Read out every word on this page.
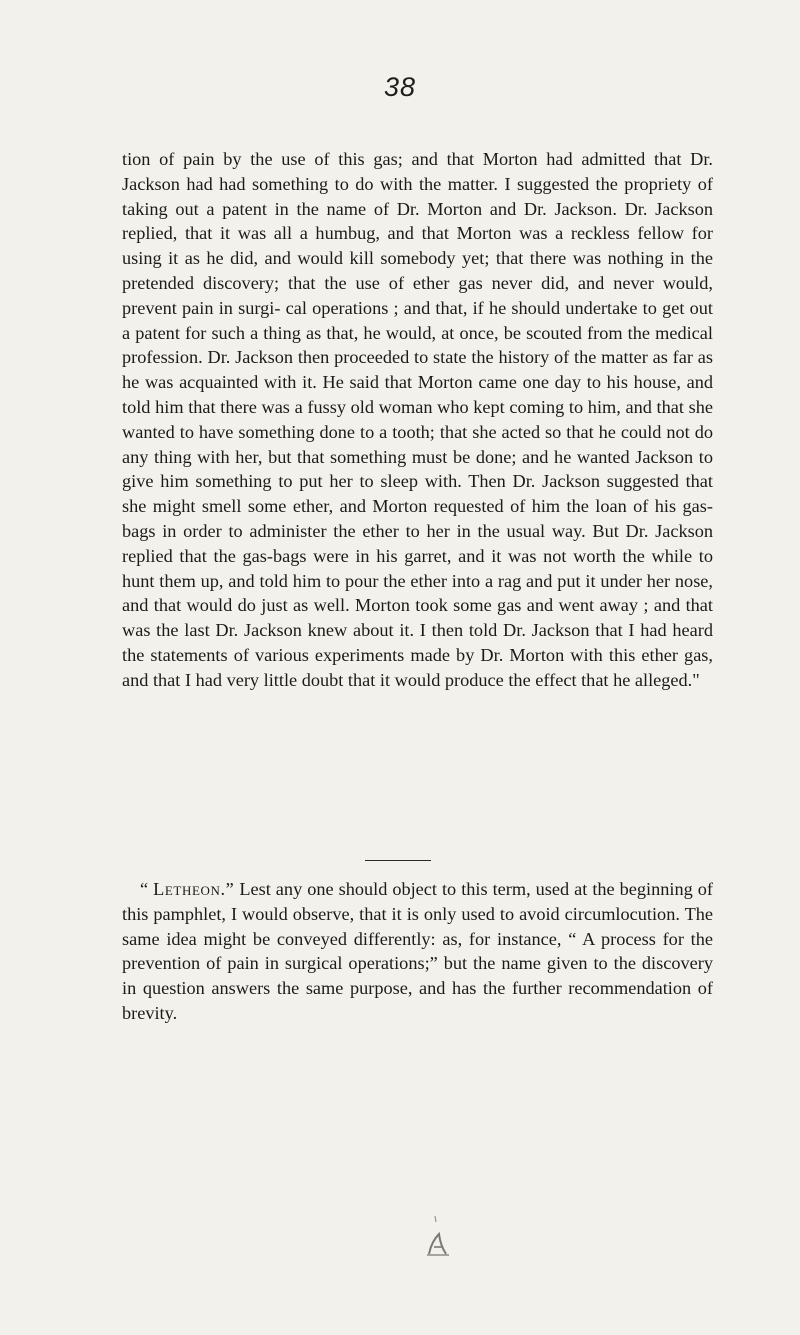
38

tion of pain by the use of this gas; and that Morton had admitted that Dr. Jackson had had something to do with the matter. I suggested the propriety of taking out a patent in the name of Dr. Morton and Dr. Jackson. Dr. Jackson replied, that it was all a humbug, and that Morton was a reckless fellow for using it as he did, and would kill somebody yet; that there was nothing in the pretended discovery; that the use of ether gas never did, and never would, prevent pain in surgi- cal operations ; and that, if he should undertake to get out a patent for such a thing as that, he would, at once, be scouted from the medical profession. Dr. Jackson then proceeded to state the history of the matter as far as he was acquainted with it. He said that Morton came one day to his house, and told him that there was a fussy old woman who kept coming to him, and that she wanted to have something done to a tooth; that she acted so that he could not do any thing with her, but that something must be done; and he wanted Jackson to give him something to put her to sleep with. Then Dr. Jackson suggested that she might smell some ether, and Morton requested of him the loan of his gas-bags in order to administer the ether to her in the usual way. But Dr. Jackson replied that the gas-bags were in his garret, and it was not worth the while to hunt them up, and told him to pour the ether into a rag and put it under her nose, and that would do just as well. Morton took some gas and went away ; and that was the last Dr. Jackson knew about it. I then told Dr. Jackson that I had heard the statements of various experiments made by Dr. Morton with this ether gas, and that I had very little doubt that it would produce the effect that he alleged."

“ Letheon.” Lest any one should object to this term, used at the beginning of this pamphlet, I would observe, that it is only used to avoid circumlocution. The same idea might be conveyed differently: as, for instance, “ A process for the prevention of pain in surgical operations;” but the name given to the discovery in question answers the same purpose, and has the further recommendation of brevity.
